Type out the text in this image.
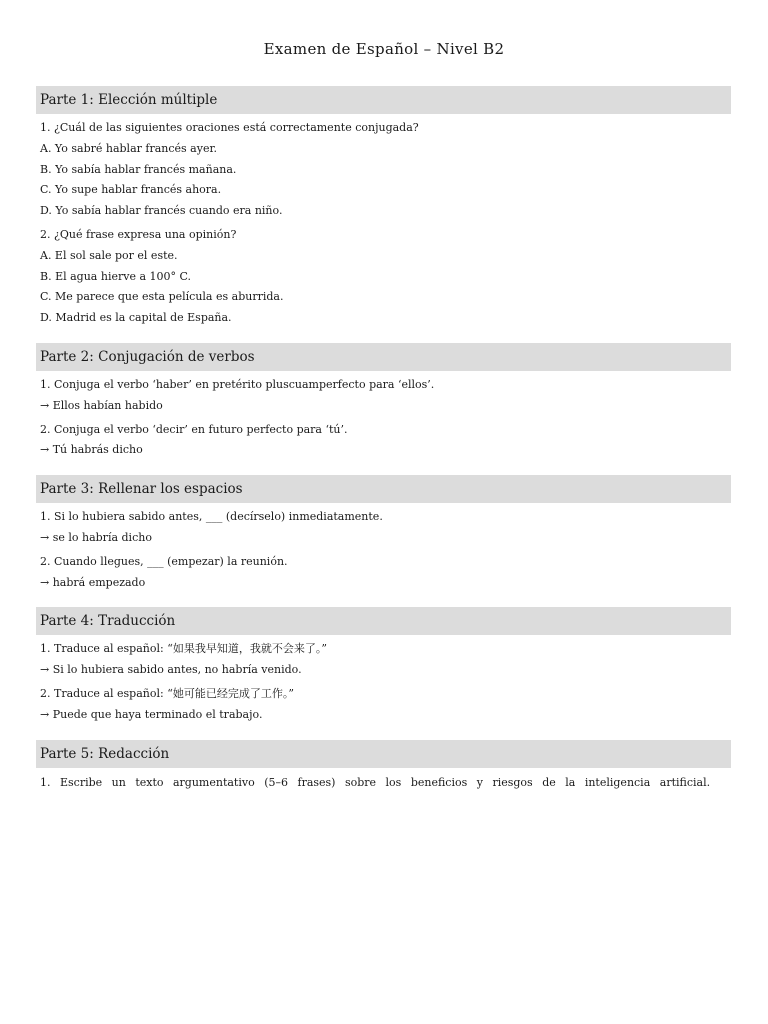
Examen de Español – Nivel B2
Parte 1: Elección múltiple
1. ¿Cuál de las siguientes oraciones está correctamente conjugada?
A. Yo sabré hablar francés ayer.
B. Yo sabía hablar francés mañana.
C. Yo supe hablar francés ahora.
D. Yo sabía hablar francés cuando era niño.
2. ¿Qué frase expresa una opinión?
A. El sol sale por el este.
B. El agua hierve a 100° C.
C. Me parece que esta película es aburrida.
D. Madrid es la capital de España.
Parte 2: Conjugación de verbos
1. Conjuga el verbo ‘haber’ en pretérito pluscuamperfecto para ‘ellos’.
→ Ellos habían habido
2. Conjuga el verbo ‘decir’ en futuro perfecto para ‘tú’.
→ Tú habrás dicho
Parte 3: Rellenar los espacios
1. Si lo hubiera sabido antes, ___ (decírselo) inmediatamente.
→ se lo habría dicho
2. Cuando llegues, ___ (empezar) la reunión.
→ habrá empezado
Parte 4: Traducción
1. Traduce al español: “如果我早知道，我就不会来了。”
→ Si lo hubiera sabido antes, no habría venido.
2. Traduce al español: “她可能已经完成了工作。”
→ Puede que haya terminado el trabajo.
Parte 5: Redacción
1. Escribe un texto argumentativo (5–6 frases) sobre los beneficios y riesgos de la inteligencia artificial.
